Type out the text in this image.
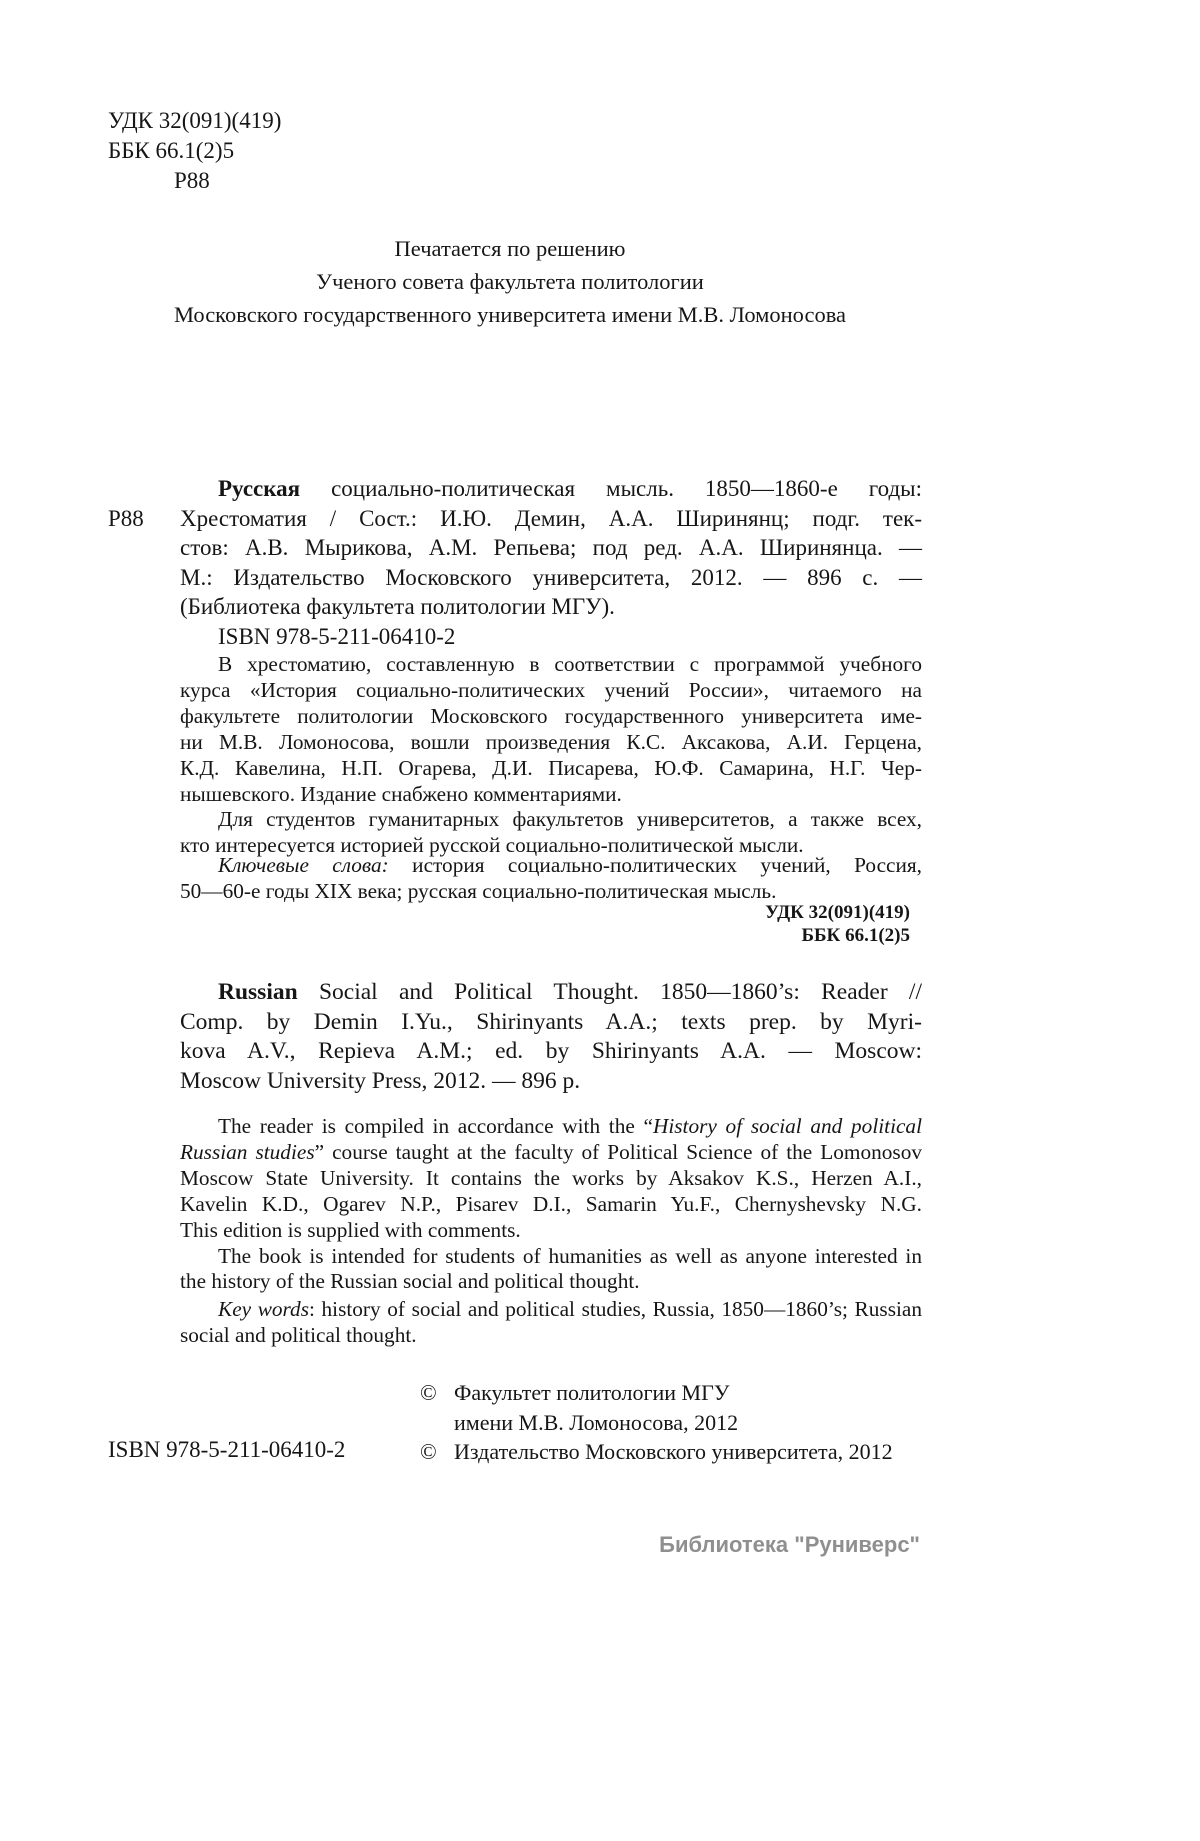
УДК 32(091)(419)
ББК 66.1(2)5
Р88
Печатается по решению
Ученого совета факультета политологии
Московского государственного университета имени М.В. Ломоносова
Р88
Русская социально-политическая мысль. 1850—1860-е годы:
Хрестоматия / Сост.: И.Ю. Демин, А.А. Ширинянц; подг. тек-
стов: А.В. Мырикова, А.М. Репьева; под ред. А.А. Ширинянца. —
М.: Издательство Московского университета, 2012. — 896 с. —
(Библиотека факультета политологии МГУ).
ISBN 978-5-211-06410-2
В хрестоматию, составленную в соответствии с программой учебного
курса «История социально-политических учений России», читаемого на
факультете политологии Московского государственного университета име-
ни М.В. Ломоносова, вошли произведения К.С. Аксакова, А.И. Герцена,
К.Д. Кавелина, Н.П. Огарева, Д.И. Писарева, Ю.Ф. Самарина, Н.Г. Чер-
нышевского. Издание снабжено комментариями.
Для студентов гуманитарных факультетов университетов, а также всех,
кто интересуется историей русской социально-политической мысли.
Ключевые слова: история социально-политических учений, Россия,
50—60-е годы XIX века; русская социально-политическая мысль.
УДК 32(091)(419)
ББК 66.1(2)5
Russian Social and Political Thought. 1850—1860’s: Reader //
Comp. by Demin I.Yu., Shirinyants A.A.; texts prep. by Myri-
kova A.V., Repieva A.M.; ed. by Shirinyants A.A. — Moscow:
Moscow University Press, 2012. — 896 p.
The reader is compiled in accordance with the “History of social and political
Russian studies” course taught at the faculty of Political Science of the Lomonosov
Moscow State University. It contains the works by Aksakov K.S., Herzen A.I.,
Kavelin K.D., Ogarev N.P., Pisarev D.I., Samarin Yu.F., Chernyshevsky N.G.
This edition is supplied with comments.
The book is intended for students of humanities as well as anyone interested in
the history of the Russian social and political thought.
Key words: history of social and political studies, Russia, 1850—1860’s; Russian
social and political thought.
© Факультет политологии МГУ
имени М.В. Ломоносова, 2012
© Издательство Московского университета, 2012
ISBN 978-5-211-06410-2
Библиотека "Руниверс"
